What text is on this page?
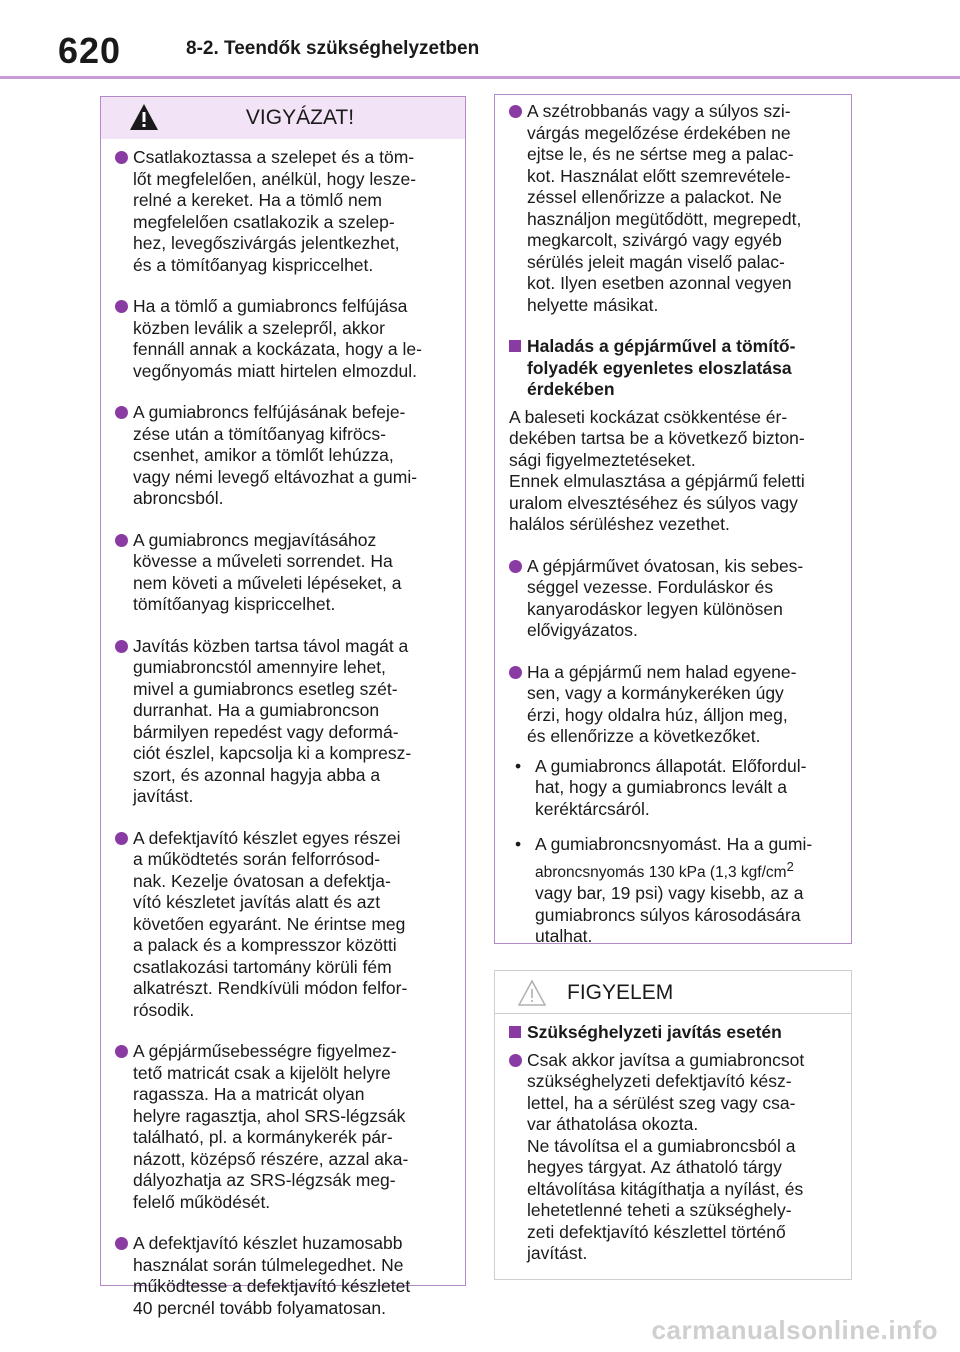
620	8-2. Teendők szükséghelyzetben
VIGYÁZAT!
Csatlakoztassa a szelepet és a töm-
lőt megfelelően, anélkül, hogy lesze-
relné a kereket. Ha a tömlő nem
megfelelően csatlakozik a szelep-
hez, levegőszivárgás jelentkezhet,
és a tömítőanyag kispriccelhet.
Ha a tömlő a gumiabroncs felfújása
közben leválik a szelepről, akkor
fennáll annak a kockázata, hogy a le-
vegőnyomás miatt hirtelen elmozdul.
A gumiabroncs felfújásának befeje-
zése után a tömítőanyag kifröcs-
csenhet, amikor a tömlőt lehúzza,
vagy némi levegő eltávozhat a gumi-
abroncsból.
A gumiabroncs megjavításához
kövesse a műveleti sorrendet. Ha
nem követi a műveleti lépéseket, a
tömítőanyag kispriccelhet.
Javítás közben tartsa távol magát a
gumiabroncstól amennyire lehet,
mivel a gumiabroncs esetleg szét-
durranhat. Ha a gumiabroncson
bármilyen repedést vagy deformá-
ciót észlel, kapcsolja ki a kompresz-
szort, és azonnal hagyja abba a
javítást.
A defektjavító készlet egyes részei
a működtetés során felforrósod-
nak. Kezelje óvatosan a defektja-
vító készletet javítás alatt és azt
követően egyaránt. Ne érintse meg
a palack és a kompresszor közötti
csatlakozási tartomány körüli fém
alkatrészt. Rendkívüli módon felfor-
rósodik.
A gépjárműsebességre figyelmez-
tető matricát csak a kijelölt helyre
ragassza. Ha a matricát olyan
helyre ragasztja, ahol SRS-légzsák
található, pl. a kormánykerék pár-
názott, középső részére, azzal aka-
dályozhatja az SRS-légzsák meg-
felelő működését.
A defektjavító készlet huzamosabb
használat során túlmelegedhet. Ne
működtesse a defektjavító készletet
40 percnél tovább folyamatosan.
A szétrobbanás vagy a súlyos szi-
várgás megelőzése érdekében ne
ejtse le, és ne sértse meg a palac-
kot. Használat előtt szemrevétele-
zéssel ellenőrizze a palackot. Ne
használjon megütődött, megrepedt,
megkarcolt, szivárgó vagy egyéb
sérülés jeleit magán viselő palac-
kot. Ilyen esetben azonnal vegyen
helyette másikat.
Haladás a gépjárművel a tömítő-
folyadék egyenletes eloszlatása
érdekében
A baleseti kockázat csökkentése ér-
dekében tartsa be a következő bizton-
sági figyelmeztetéseket.
Ennek elmulasztása a gépjármű feletti
uralom elvesztéséhez és súlyos vagy
halálos sérüléshez vezethet.
A gépjárművet óvatosan, kis sebes-
séggel vezesse. Forduláskor és
kanyarodáskor legyen különösen
elővigyázatos.
Ha a gépjármű nem halad egyene-
sen, vagy a kormánykeréken úgy
érzi, hogy oldalra húz, álljon meg,
és ellenőrizze a következőket.
• A gumiabroncs állapotát. Előfordul-
hat, hogy a gumiabroncs levált a
keréktárcsáról.
• A gumiabroncsnyomást. Ha a gumi-
abroncsnyomás 130 kPa (1,3 kgf/$cm^2$
vagy bar, 19 psi) vagy kisebb, az a
gumiabroncs súlyos károsodására
utalhat.
FIGYELEM
Szükséghelyzeti javítás esetén
Csak akkor javítsa a gumiabroncsot
szükséghelyzeti defektjavító kész-
lettel, ha a sérülést szeg vagy csa-
var áthatolása okozta.
Ne távolítsa el a gumiabroncsból a
hegyes tárgyat. Az áthatoló tárgy
eltávolítása kitágíthatja a nyílást, és
lehetetlenné teheti a szükséghely-
zeti defektjavító készlettel történő
javítást.
carmanualsonline.info
